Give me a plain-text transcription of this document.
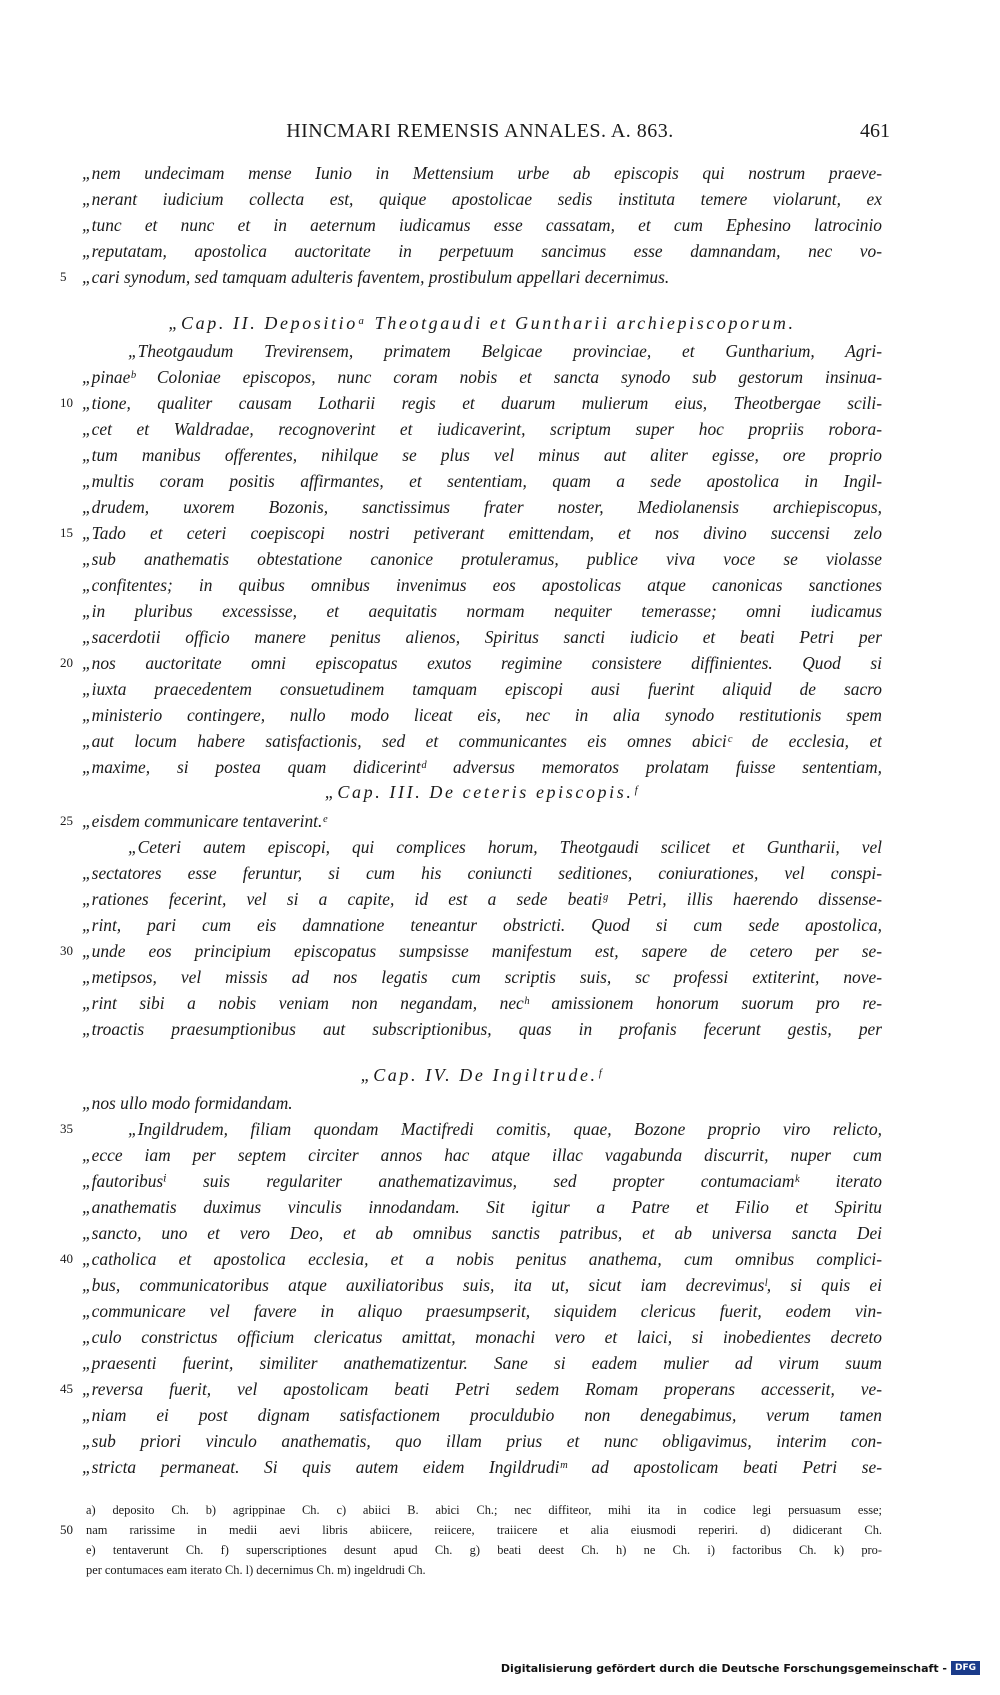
HINCMARI REMENSIS ANNALES. A. 863.	461
„nem undecimam mense Iunio in Mettensium urbe ab episcopis qui nostrum praeve-
„nerant iudicium collecta est, quique apostolicae sedis instituta temere violarunt, ex
„tunc et nunc et in aeternum iudicamus esse cassatam, et cum Ephesino latrocinio
„reputatam, apostolica auctoritate in perpetuum sancimus esse damnandam, nec vo-
„cari synodum, sed tamquam adulteris faventem, prostibulum appellari decernimus.
5
„Theotgaudum Trevirensem, primatem Belgicae provinciae, et Guntharium, Agri-
„pinaeᵇ Coloniae episcopos, nunc coram nobis et sancta synodo sub gestorum insinua-
„tione, qualiter causam Lotharii regis et duarum mulierum eius, Theotbergae scili-
10
„cet et Waldradae, recognoverint et iudicaverint, scriptum super hoc propriis robora-
„tum manibus offerentes, nihilque se plus vel minus aut aliter egisse, ore proprio
„multis coram positis affirmantes, et sententiam, quam a sede apostolica in Ingil-
„drudem, uxorem Bozonis, sanctissimus frater noster, Mediolanensis archiepiscopus,
„Tado et ceteri coepiscopi nostri petiverant emittendam, et nos divino succensi zelo
15
„sub anathematis obtestatione canonice protuleramus, publice viva voce se violasse
„confitentes; in quibus omnibus invenimus eos apostolicas atque canonicas sanctiones
„in pluribus excessisse, et aequitatis normam nequiter temerasse; omni iudicamus
„sacerdotii officio manere penitus alienos, Spiritus sancti iudicio et beati Petri per
„nos auctoritate omni episcopatus exutos regimine consistere diffinientes. Quod si
20
„iuxta praecedentem consuetudinem tamquam episcopi ausi fuerint aliquid de sacro
„ministerio contingere, nullo modo liceat eis, nec in alia synodo restitutionis spem
„aut locum habere satisfactionis, sed et communicantes eis omnes abiciᶜ de ecclesia, et
„maxime, si postea quam didicerintᵈ adversus memoratos prolatam fuisse sententiam,
„eisdem communicare tentaverint.ᵉ
25
„Ceteri autem episcopi, qui complices horum, Theotgaudi scilicet et Guntharii, vel
„sectatores esse feruntur, si cum his coniuncti seditiones, coniurationes, vel conspi-
„rationes fecerint, vel si a capite, id est a sede beatiᵍ Petri, illis haerendo dissense-
„rint, pari cum eis damnatione teneantur obstricti. Quod si cum sede apostolica,
„unde eos principium episcopatus sumpsisse manifestum est, sapere de cetero per se-
30
„metipsos, vel missis ad nos legatis cum scriptis suis, sc professi extiterint, nove-
„rint sibi a nobis veniam non negandam, necʰ amissionem honorum suorum pro re-
„troactis praesumptionibus aut subscriptionibus, quas in profanis fecerunt gestis, per
„nos ullo modo formidandam.
„Ingildrudem, filiam quondam Mactifredi comitis, quae, Bozone proprio viro relicto,
35
„ecce iam per septem circiter annos hac atque illac vagabunda discurrit, nuper cum
„fautoribusⁱ suis regulariter anathematizavimus, sed propter contumaciamᵏ iterato
„anathematis duximus vinculis innodandam. Sit igitur a Patre et Filio et Spiritu
„sancto, uno et vero Deo, et ab omnibus sanctis patribus, et ab universa sancta Dei
„catholica et apostolica ecclesia, et a nobis penitus anathema, cum omnibus complici-
40
„bus, communicatoribus atque auxiliatoribus suis, ita ut, sicut iam decrevimusˡ, si quis ei
„communicare vel favere in aliquo praesumpserit, siquidem clericus fuerit, eodem vin-
„culo constrictus officium clericatus amittat, monachi vero et laici, si inobedientes decreto
„praesenti fuerint, similiter anathematizentur. Sane si eadem mulier ad virum suum
„reversa fuerit, vel apostolicam beati Petri sedem Romam properans accesserit, ve-
45
„niam ei post dignam satisfactionem proculdubio non denegabimus, verum tamen
„sub priori vinculo anathematis, quo illam prius et nunc obligavimus, interim con-
„stricta permaneat. Si quis autem eidem Ingildrudiᵐ ad apostolicam beati Petri se-
„Cap. II. Depositioᵃ Theotgaudi et Guntharii archiepiscoporum.
„Cap. III. De ceteris episcopis.ᶠ
„Cap. IV. De Ingiltrude.ᶠ
a) deposito Ch. b) agrippinae Ch. c) abiici B. abici Ch.; nec diffiteor, mihi ita in codice legi persuasum esse;
nam rarissime in medii aevi libris abiicere, reiicere, traiicere et alia eiusmodi reperiri. d) didicerant Ch.
50
e) tentaverunt Ch. f) superscriptiones desunt apud Ch. g) beati deest Ch. h) ne Ch. i) factoribus Ch. k) pro-
per contumaces eam iterato Ch. l) decernimus Ch. m) ingeldrudi Ch.
Digitalisierung gefördert durch die Deutsche Forschungsgemeinschaft - DFG
